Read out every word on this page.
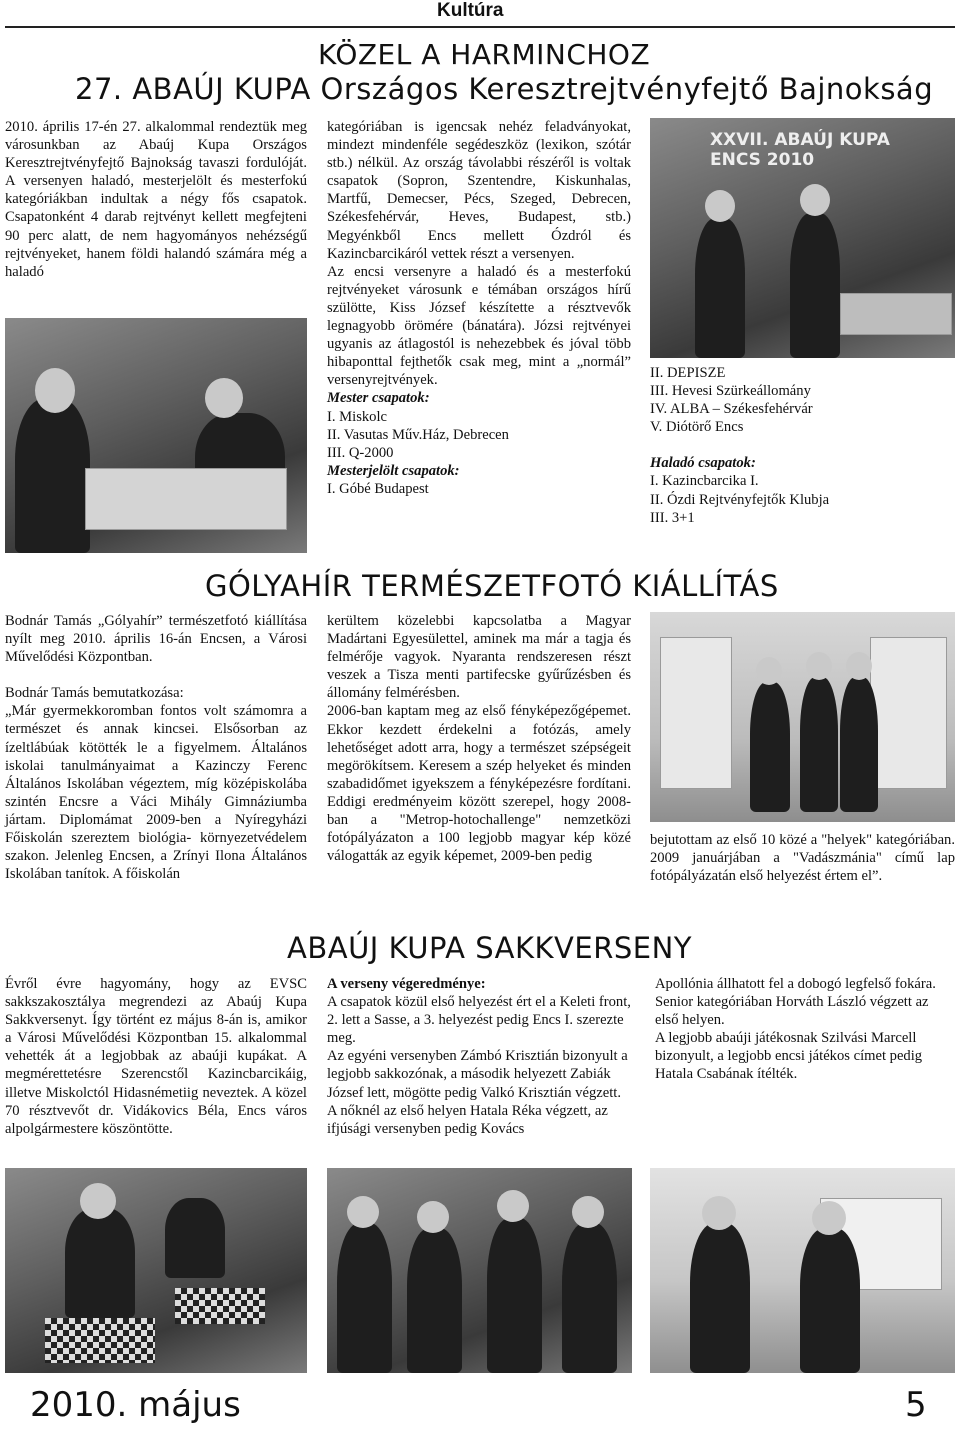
Kultúra
KÖZEL A HARMINCHOZ
27. ABAÚJ KUPA Országos Keresztrejtvényfejtő Bajnokság

2010. április 17-én 27. alkalommal rendeztük meg városunkban az Abaúj Kupa Országos Keresztrejtvényfejtő Bajnokság tavaszi fordulóját. A versenyen haladó, mesterjelölt és mesterfokú kategóriákban indultak a négy fős csapatok. Csapatonként 4 darab rejtvényt kellett megfejteni 90 perc alatt, de nem hagyományos nehézségű rejtvényeket, hanem földi halandó számára még a haladó

kategóriában is igencsak nehéz feladványokat, mindezt mindenféle segédeszköz (lexikon, szótár stb.) nélkül. Az ország távolabbi részéről is voltak csapatok (Sopron, Szentendre, Kiskunhalas, Martfű, Demecser, Pécs, Szeged, Debrecen, Székesfehérvár, Heves, Budapest, stb.) Megyénkből Encs mellett Ózdról és Kazincbarcikáról vettek részt a versenyen.

Az encsi versenyre a haladó és a mesterfokú rejtvényeket városunk e témában országos hírű szülötte, Kiss József készítette a résztvevők legnagyobb örömére (bánatára). Józsi rejtvényei ugyanis az átlagostól is nehezebbek és jóval több hibaponttal fejthetők csak meg, mint a „normál” versenyrejtvények.

Mester csapatok:

I. Miskolc

II. Vasutas Műv.Ház, Debrecen

III. Q-2000

Mesterjelölt csapatok:

I. Góbé Budapest

XXVII. ABAÚJ KUPA ENCS 2010

II. DEPISZE

III. Hevesi Szürkeállomány

IV. ALBA – Székesfehérvár

V. Diótörő Encs

Haladó csapatok:

I. Kazincbarcika I.

II. Ózdi Rejtvényfejtők Klubja

III. 3+1

GÓLYAHÍR TERMÉSZETFOTÓ KIÁLLÍTÁS

Bodnár Tamás „Gólyahír” természetfotó kiállítása nyílt meg 2010. április 16-án Encsen, a Városi Művelődési Központban.

Bodnár Tamás bemutatkozása:

„Már gyermekkoromban fontos volt számomra a természet és annak kincsei. Elsősorban az ízeltlábúak kötötték le a figyelmem. Általános iskolai tanulmányaimat a Kazinczy Ferenc Általános Iskolában végeztem, míg középiskolába szintén Encsre a Váci Mihály Gimnáziumba jártam. Diplomámat 2009-ben a Nyíregyházi Főiskolán szereztem biológia- környezetvédelem szakon. Jelenleg Encsen, a Zrínyi Ilona Általános Iskolában tanítok. A főiskolán

kerültem közelebbi kapcsolatba a Magyar Madártani Egyesülettel, aminek ma már a tagja és felmérője vagyok. Nyaranta rendszeresen részt veszek a Tisza menti partifecske gyűrűzésben és állomány felmérésben.

2006-ban kaptam meg az első fényképezőgépemet. Ekkor kezdett érdekelni a fotózás, amely lehetőséget adott arra, hogy a természet szépségeit megörökítsem. Keresem a szép helyeket és minden szabadidőmet igyekszem a fényképezésre fordítani. Eddigi eredményeim között szerepel, hogy 2008-ban a "Metrop-hotochallenge" nemzetközi fotópályázaton a 100 legjobb magyar kép közé válogatták az egyik képemet, 2009-ben pedig

bejutottam az első 10 közé a "helyek" kategóriában. 2009 januárjában a "Vadászmánia" című lap fotópályázatán első helyezést értem el”.

ABAÚJ KUPA SAKKVERSENY

Évről évre hagyomány, hogy az EVSC sakkszakosztálya megrendezi az Abaúj Kupa Sakkversenyt. Így történt ez május 8-án is, amikor a Városi Művelődési Központban 15. alkalommal vehették át a legjobbak az abaúji kupákat. A megmérettetésre Szerencstől Kazincbarcikáig, illetve Miskolctól Hidasnémetiig neveztek. A közel 70 résztvevőt dr. Vidákovics Béla, Encs város alpolgármestere köszöntötte.

A verseny végeredménye:

A csapatok közül első helyezést ért el a Keleti front, 2. lett a Sasse, a 3. helyezést pedig Encs I. szerezte meg.

Az egyéni versenyben Zámbó Krisztián bizonyult a legjobb sakkozónak, a második helyezett Zabiák József lett, mögötte pedig Valkó Krisztián végzett.

A nőknél az első helyen Hatala Réka végzett, az ifjúsági versenyben pedig Kovács

Apollónia állhatott fel a dobogó legfelső fokára.

Senior kategóriában Horváth László végzett az első helyen.

A legjobb abaúji játékosnak Szilvási Marcell bizonyult, a legjobb encsi játékos címet pedig Hatala Csabának ítélték.

2010. május	5
